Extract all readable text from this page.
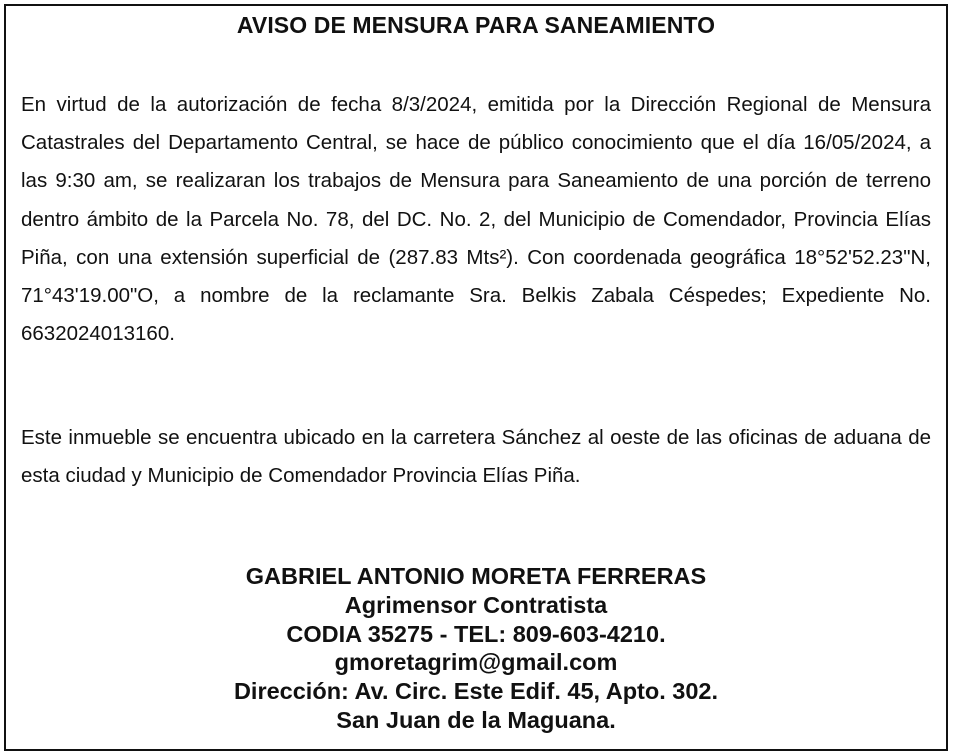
AVISO DE MENSURA PARA SANEAMIENTO

En virtud de la autorización de fecha 8/3/2024, emitida por la Dirección Regional de Mensura Catastrales del Departamento Central, se hace de público conocimiento que el día 16/05/2024, a las 9:30 am, se realizaran los trabajos de Mensura para Saneamiento de una porción de terreno dentro ámbito de la Parcela No. 78, del DC. No. 2, del Municipio de Comendador, Provincia Elías Piña, con una extensión superficial de (287.83 Mts²). Con coordenada geográfica 18°52'52.23"N, 71°43'19.00"O, a nombre de la reclamante Sra. Belkis Zabala Céspedes; Expediente No. 6632024013160.

Este inmueble se encuentra ubicado en la carretera Sánchez al oeste de las oficinas de aduana de esta ciudad y Municipio de Comendador Provincia Elías Piña.

GABRIEL ANTONIO MORETA FERRERAS
Agrimensor Contratista
CODIA 35275 - TEL: 809-603-4210.
gmoretagrim@gmail.com
Dirección: Av. Circ. Este Edif. 45, Apto. 302.
San Juan de la Maguana.
